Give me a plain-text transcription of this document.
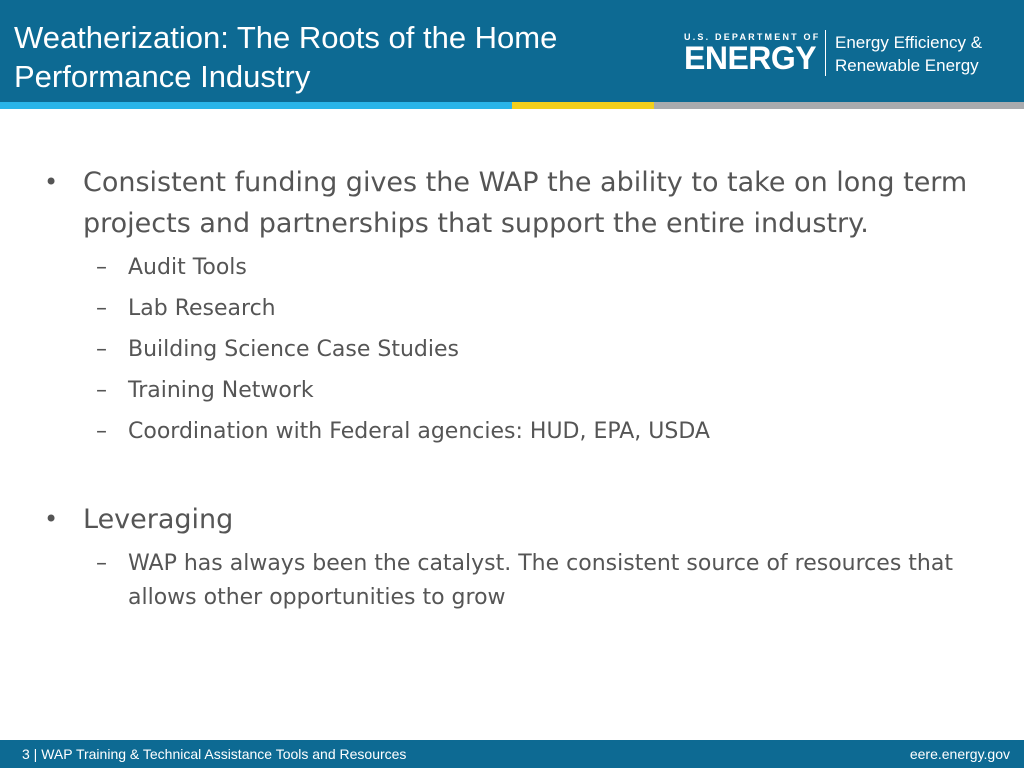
Weatherization: The Roots of the Home Performance Industry
U.S. DEPARTMENT OF
ENERGY Energy Efficiency &
Renewable Energy
• Consistent funding gives the WAP the ability to take on long term projects and partnerships that support the entire industry.
– Audit Tools
– Lab Research
– Building Science Case Studies
– Training Network
– Coordination with Federal agencies: HUD, EPA, USDA
• Leveraging
– WAP has always been the catalyst. The consistent source of resources that allows other opportunities to grow
3 | WAP Training & Technical Assistance Tools and Resources	eere.energy.gov
